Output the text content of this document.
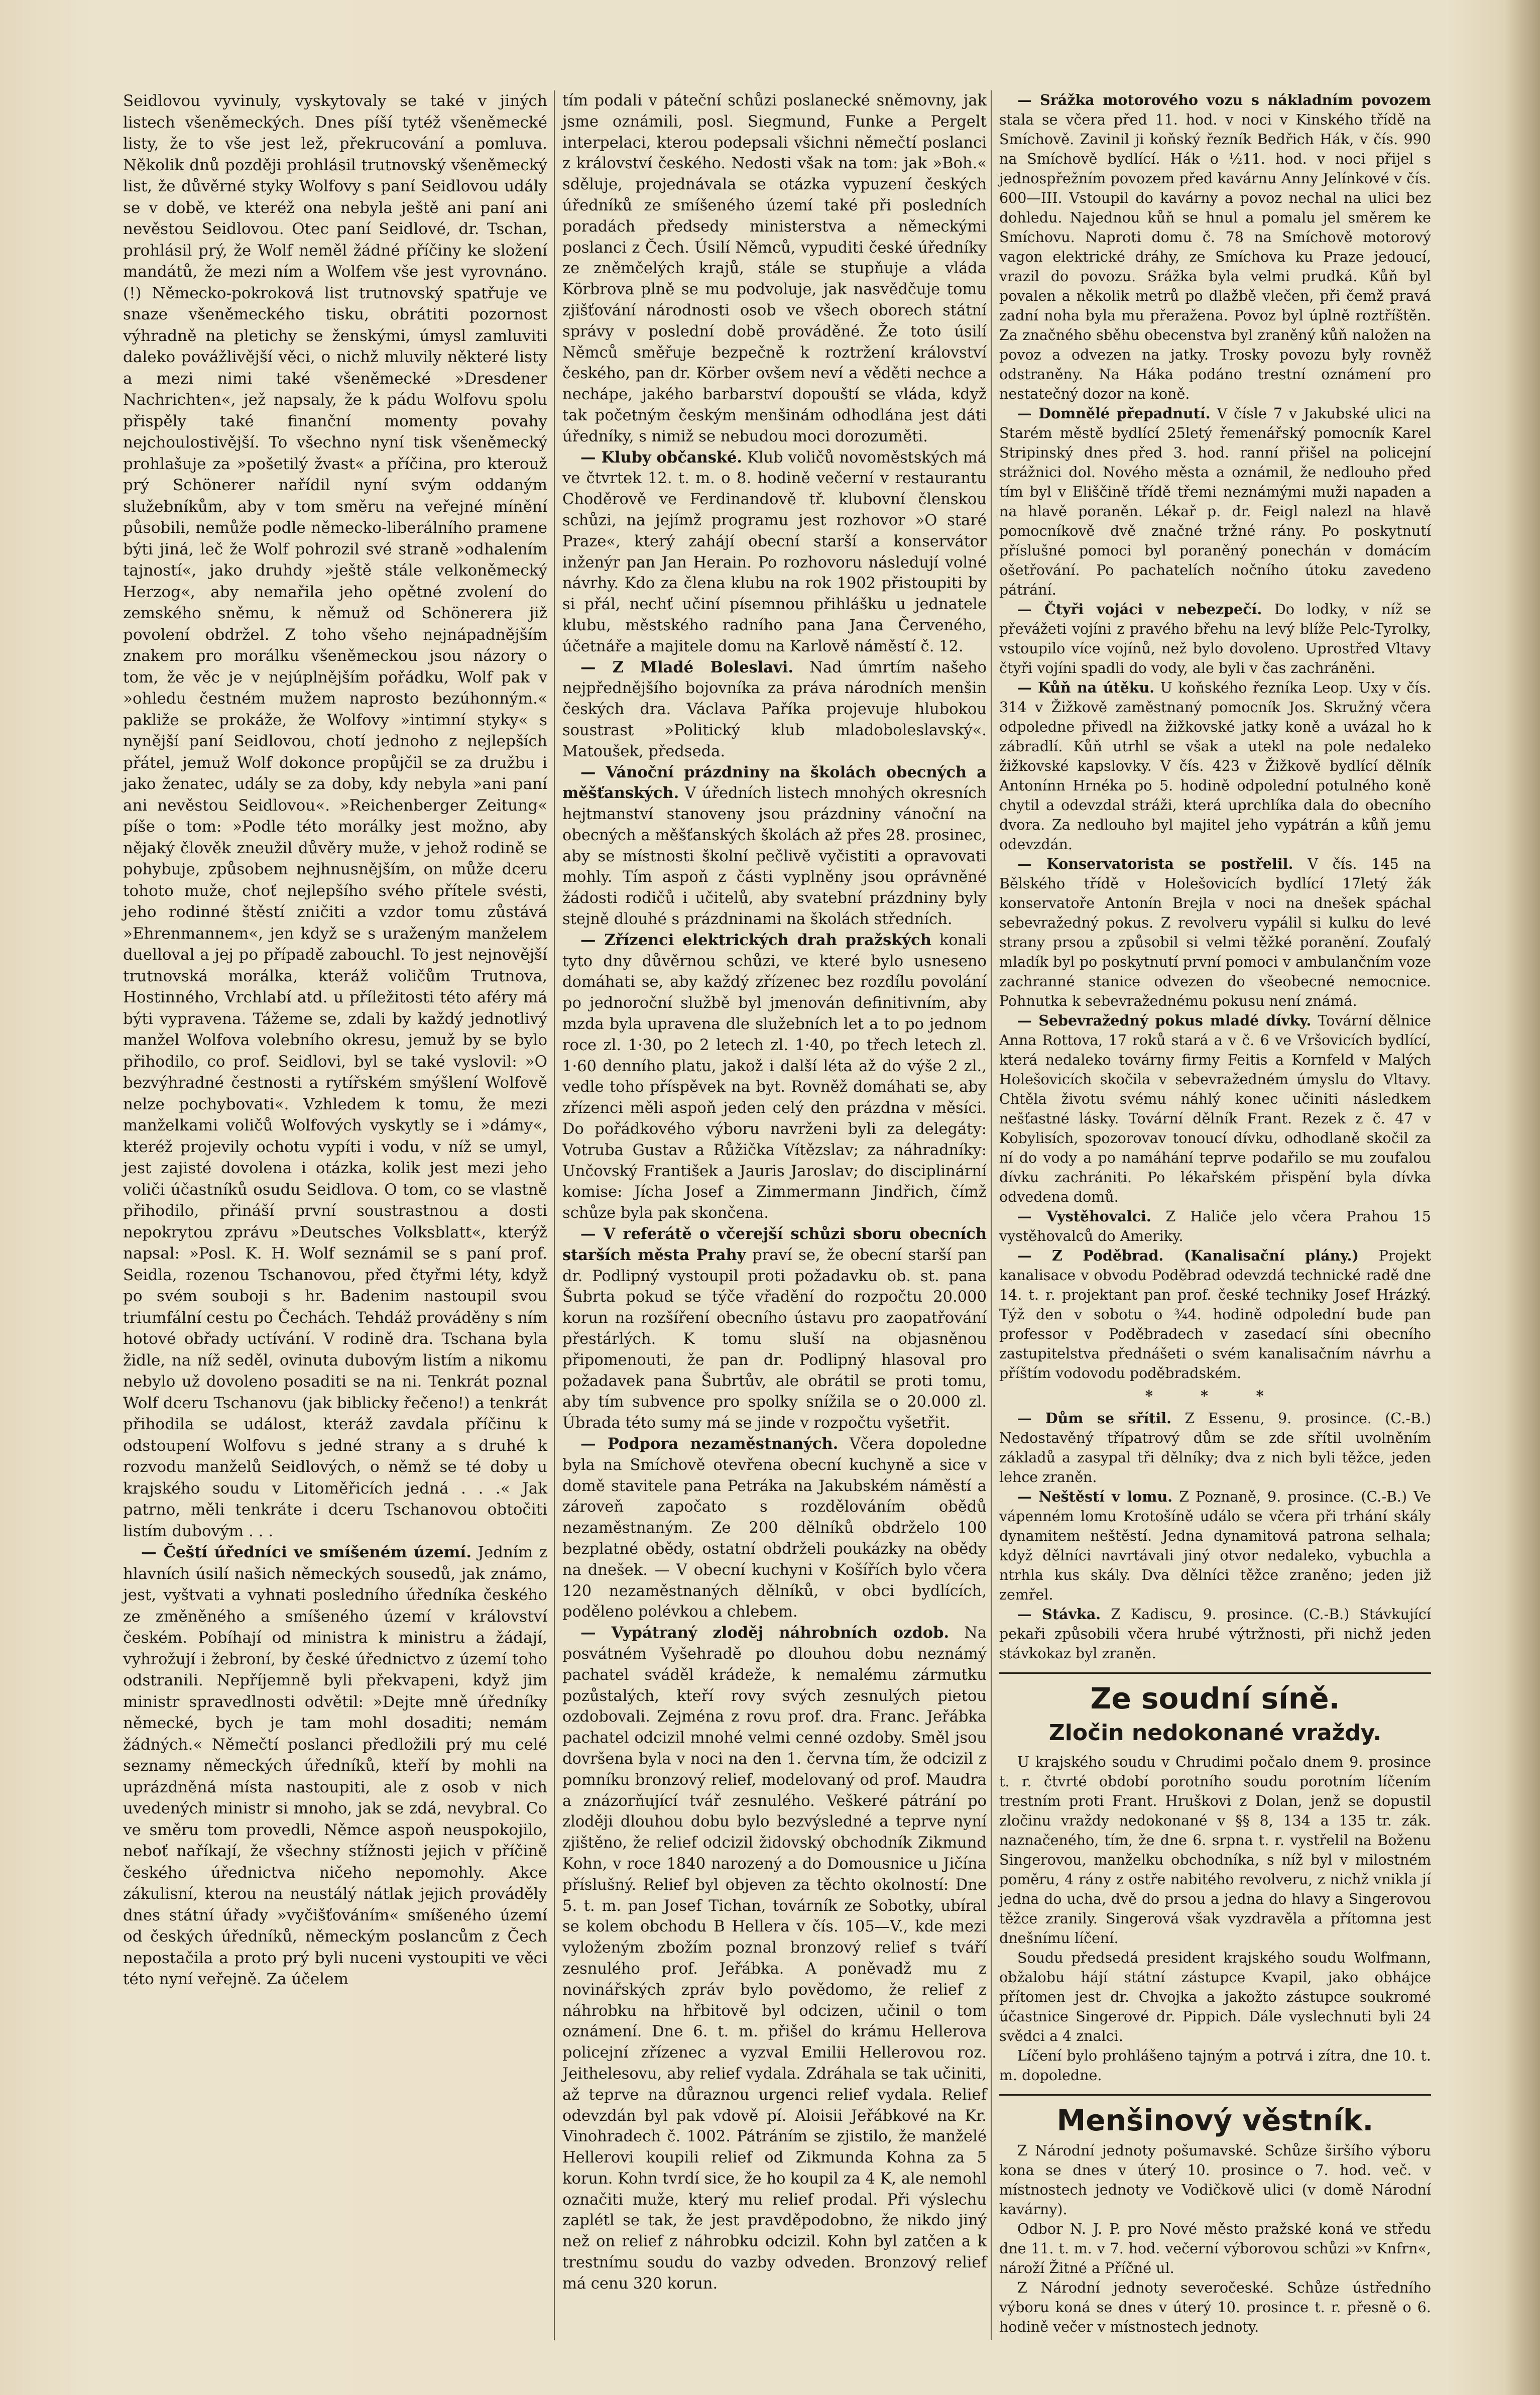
Seidlovou vyvinuly, vyskytovaly se také v jiných listech všeněmeckých. Dnes píší tytéž všeněmecké listy, že to vše jest lež, překrucování a pomluva. Několik dnů později prohlásil trutnovský všeněmecký list, že důvěrné styky Wolfovy s paní Seidlovou udály se v době, ve kteréž ona nebyla ještě ani paní ani nevěstou Seidlovou. Otec paní Seidlové, dr. Tschan, prohlásil prý, že Wolf neměl žádné příčiny ke složení mandátů, že mezi ním a Wolfem vše jest vyrovnáno. (!) Německo-pokroková list trutnovský spatřuje ve snaze všeněmeckého tisku, obrátiti pozornost výhradně na pletichy se ženskými, úmysl zamluviti daleko povážlivější věci, o nichž mluvily některé listy a mezi nimi také všeněmecké »Dresdener Nachrichten«, jež napsaly, že k pádu Wolfovu spolu přispěly také finanční momenty povahy nejchoulostivější. To všechno nyní tisk všeněmecký prohlašuje za »pošetilý žvast« a příčina, pro kterouž prý Schönerer nařídil nyní svým oddaným služebníkům, aby v tom směru na veřejné mínění působili, nemůže podle německo-liberálního pramene býti jiná, leč že Wolf pohrozil své straně »odhalením tajností«, jako druhdy »ještě stále velkoněmecký Herzog«, aby nemařila jeho opětné zvolení do zemského sněmu, k němuž od Schönerera již povolení obdržel. Z toho všeho nejnápadnějším znakem pro morálku všeněmeckou jsou názory o tom, že věc je v nejúplnějším pořádku, Wolf pak v »ohledu čestném mužem naprosto bezúhonným.« pakliže se prokáže, že Wolfovy »intimní styky« s nynější paní Seidlovou, chotí jednoho z nejlepších přátel, jemuž Wolf dokonce propůjčil se za družbu i jako ženatec, udály se za doby, kdy nebyla »ani paní ani nevěstou Seidlovou«. »Reichenberger Zeitung« píše o tom: »Podle této morálky jest možno, aby nějaký člověk zneužil důvěry muže, v jehož rodině se pohybuje, způsobem nejhnusnějším, on může dceru tohoto muže, choť nejlepšího svého přítele svésti, jeho rodinné štěstí zničiti a vzdor tomu zůstává »Ehrenmannem«, jen když se s uraženým manželem duelloval a jej po případě zabouchl. To jest nejnovější trutnovská morálka, kteráž voličům Trutnova, Hostinného, Vrchlabí atd. u příležitosti této aféry má býti vypravena. Tážeme se, zdali by každý jednotlivý manžel Wolfova volebního okresu, jemuž by se bylo přihodilo, co prof. Seidlovi, byl se také vyslovil: »O bezvýhradné čestnosti a rytířském smýšlení Wolfově nelze pochybovati«. Vzhledem k tomu, že mezi manželkami voličů Wolfových vyskytly se i »dámy«, kteréž projevily ochotu vypíti i vodu, v níž se umyl, jest zajisté dovolena i otázka, kolik jest mezi jeho voliči účastníků osudu Seidlova. O tom, co se vlastně přihodilo, přináší první soustrastnou a dosti nepokrytou zprávu »Deutsches Volksblatt«, kterýž napsal: »Posl. K. H. Wolf seznámil se s paní prof. Seidla, rozenou Tschanovou, před čtyřmi léty, když po svém souboji s hr. Badenim nastoupil svou triumfální cestu po Čechách. Tehdáž prováděny s ním hotové obřady uctívání. V rodině dra. Tschana byla židle, na níž seděl, ovinuta dubovým listím a nikomu nebylo už dovoleno posaditi se na ni. Tenkrát poznal Wolf dceru Tschanovu (jak biblicky řečeno!) a tenkrát přihodila se událost, kteráž zavdala příčinu k odstoupení Wolfovu s jedné strany a s druhé k rozvodu manželů Seidlových, o němž se té doby u krajského soudu v Litoměřicích jedná . . .« Jak patrno, měli tenkráte i dceru Tschanovou obtočiti listím dubovým . . .

— Čeští úředníci ve smíšeném území. Jedním z hlavních úsilí našich německých sousedů, jak známo, jest, vyštvati a vyhnati posledního úředníka českého ze změněného a smíšeného území v království českém. Pobíhají od ministra k ministru a žádají, vyhrožují i žebroní, by české úřednictvo z území toho odstranili. Nepříjemně byli překvapeni, když jim ministr spravedlnosti odvětil: »Dejte mně úředníky německé, bych je tam mohl dosaditi; nemám žádných.« Němečtí poslanci předložili prý mu celé seznamy německých úředníků, kteří by mohli na uprázdněná místa nastoupiti, ale z osob v nich uvedených ministr si mnoho, jak se zdá, nevybral. Co ve směru tom provedli, Němce aspoň neuspokojilo, neboť naříkají, že všechny stížnosti jejich v příčině českého úřednictva ničeho nepomohly. Akce zákulisní, kterou na neustálý nátlak jejich prováděly dnes státní úřady »vyčišťováním« smíšeného území od českých úředníků, německým poslancům z Čech nepostačila a proto prý byli nuceni vystoupiti ve věci této nyní veřejně. Za účelem

tím podali v páteční schůzi poslanecké sněmovny, jak jsme oznámili, posl. Siegmund, Funke a Pergelt interpelaci, kterou podepsali všichni němečtí poslanci z království českého. Nedosti však na tom: jak »Boh.« sděluje, projednávala se otázka vypuzení českých úředníků ze smíšeného území také při posledních poradách předsedy ministerstva a německými poslanci z Čech. Úsilí Němců, vypuditi české úředníky ze zněmčelých krajů, stále se stupňuje a vláda Körbrova plně se mu podvoluje, jak nasvědčuje tomu zjišťování národnosti osob ve všech oborech státní správy v poslední době prováděné. Že toto úsilí Němců směřuje bezpečně k roztržení království českého, pan dr. Körber ovšem neví a věděti nechce a nechápe, jakého barbarství dopouští se vláda, když tak početným českým menšinám odhodlána jest dáti úředníky, s nimiž se nebudou moci dorozuměti.

— Kluby občanské. Klub voličů novoměstských má ve čtvrtek 12. t. m. o 8. hodině večerní v restaurantu Choděrově ve Ferdinandově tř. klubovní členskou schůzi, na jejímž programu jest rozhovor »O staré Praze«, který zahájí obecní starší a konservátor inženýr pan Jan Herain. Po rozhovoru následují volné návrhy. Kdo za člena klubu na rok 1902 přistoupiti by si přál, nechť učiní písemnou přihlášku u jednatele klubu, městského radního pana Jana Červeného, účetnáře a majitele domu na Karlově náměstí č. 12.

— Z Mladé Boleslavi. Nad úmrtím našeho nejpřednějšího bojovníka za práva národních menšin českých dra. Václava Paříka projevuje hlubokou soustrast »Politický klub mladoboleslavský«. Matoušek, předseda.

— Vánoční prázdniny na školách obecných a měšťanských. V úředních listech mnohých okresních hejtmanství stanoveny jsou prázdniny vánoční na obecných a měšťanských školách až přes 28. prosinec, aby se místnosti školní pečlivě vyčistiti a opravovati mohly. Tím aspoň z části vyplněny jsou oprávněné žádosti rodičů i učitelů, aby svatební prázdniny byly stejně dlouhé s prázdninami na školách středních.

— Zřízenci elektrických drah pražských konali tyto dny důvěrnou schůzi, ve které bylo usneseno domáhati se, aby každý zřízenec bez rozdílu povolání po jednoroční službě byl jmenován definitivním, aby mzda byla upravena dle služebních let a to po jednom roce zl. 1·30, po 2 letech zl. 1·40, po třech letech zl. 1·60 denního platu, jakož i další léta až do výše 2 zl., vedle toho příspěvek na byt. Rovněž domáhati se, aby zřízenci měli aspoň jeden celý den prázdna v měsíci. Do pořádkového výboru navrženi byli za delegáty: Votruba Gustav a Růžička Vítězslav; za náhradníky: Unčovský František a Jauris Jaroslav; do disciplinární komise: Jícha Josef a Zimmermann Jindřich, čímž schůze byla pak skončena.

— V referátě o včerejší schůzi sboru obecních starších města Prahy praví se, že obecní starší pan dr. Podlipný vystoupil proti požadavku ob. st. pana Šubrta pokud se týče vřadění do rozpočtu 20.000 korun na rozšíření obecního ústavu pro zaopatřování přestárlých. K tomu sluší na objasněnou připomenouti, že pan dr. Podlipný hlasoval pro požadavek pana Šubrtův, ale obrátil se proti tomu, aby tím subvence pro spolky snížila se o 20.000 zl. Úbrada této sumy má se jinde v rozpočtu vyšetřit.

— Podpora nezaměstnaných. Včera dopoledne byla na Smíchově otevřena obecní kuchyně a sice v domě stavitele pana Petráka na Jakubském náměstí a zároveň započato s rozdělováním obědů nezaměstnaným. Ze 200 dělníků obdrželo 100 bezplatné obědy, ostatní obdrželi poukázky na obědy na dnešek. — V obecní kuchyni v Košířích bylo včera 120 nezaměstnaných dělníků, v obci bydlících, poděleno polévkou a chlebem.

— Vypátraný zloděj náhrobních ozdob. Na posvátném Vyšehradě po dlouhou dobu neznámý pachatel sváděl krádeže, k nemalému zármutku pozůstalých, kteří rovy svých zesnulých pietou ozdobovali. Zejména z rovu prof. dra. Franc. Jeřábka pachatel odcizil mnohé velmi cenné ozdoby. Směl jsou dovršena byla v noci na den 1. června tím, že odcizil z pomníku bronzový relief, modelovaný od prof. Maudra a znázorňující tvář zesnulého. Veškeré pátrání po zloději dlouhou dobu bylo bezvýsledné a teprve nyní zjištěno, že relief odcizil židovský obchodník Zikmund Kohn, v roce 1840 narozený a do Domousnice u Jičína příslušný. Relief byl objeven za těchto okolností: Dne 5. t. m. pan Josef Tichan, továrník ze Sobotky, ubíral se kolem obchodu B Hellera v čís. 105—V., kde mezi vyloženým zbožím poznal bronzový relief s tváří zesnulého prof. Jeřábka. A poněvadž mu z novinářských zpráv bylo povědomo, že relief z náhrobku na hřbitově byl odcizen, učinil o tom oznámení. Dne 6. t. m. přišel do krámu Hellerova policejní zřízenec a vyzval Emilii Hellerovou roz. Jeithelesovu, aby relief vydala. Zdráhala se tak učiniti, až teprve na důraznou urgenci relief vydala. Relief odevzdán byl pak vdově pí. Aloisii Jeřábkové na Kr. Vinohradech č. 1002. Pátráním se zjistilo, že manželé Hellerovi koupili relief od Zikmunda Kohna za 5 korun. Kohn tvrdí sice, že ho koupil za 4 K, ale nemohl označiti muže, který mu relief prodal. Při výslechu zaplétl se tak, že jest pravděpodobno, že nikdo jiný než on relief z náhrobku odcizil. Kohn byl zatčen a k trestnímu soudu do vazby odveden. Bronzový relief má cenu 320 korun.

— Srážka motorového vozu s nákladním povozem stala se včera před 11. hod. v noci v Kinského třídě na Smíchově. Zavinil ji koňský řezník Bedřich Hák, v čís. 990 na Smíchově bydlící. Hák o ½11. hod. v noci přijel s jednospřežním povozem před kavárnu Anny Jelínkové v čís. 600—III. Vstoupil do kavárny a povoz nechal na ulici bez dohledu. Najednou kůň se hnul a pomalu jel směrem ke Smíchovu. Naproti domu č. 78 na Smíchově motorový vagon elektrické dráhy, ze Smíchova ku Praze jedoucí, vrazil do povozu. Srážka byla velmi prudká. Kůň byl povalen a několik metrů po dlažbě vlečen, při čemž pravá zadní noha byla mu přeražena. Povoz byl úplně roztříštěn. Za značného sběhu obecenstva byl zraněný kůň naložen na povoz a odvezen na jatky. Trosky povozu byly rovněž odstraněny. Na Háka podáno trestní oznámení pro nestatečný dozor na koně.

— Domnělé přepadnutí. V čísle 7 v Jakubské ulici na Starém městě bydlící 25letý řemenářský pomocník Karel Stripinský dnes před 3. hod. ranní přišel na policejní strážnici dol. Nového města a oznámil, že nedlouho před tím byl v Eliščině třídě třemi neznámými muži napaden a na hlavě poraněn. Lékař p. dr. Feigl nalezl na hlavě pomocníkově dvě značné tržné rány. Po poskytnutí příslušné pomoci byl poraněný ponechán v domácím ošetřování. Po pachatelích nočního útoku zavedeno pátrání.

— Čtyři vojáci v nebezpečí. Do lodky, v níž se převážeti vojíni z pravého břehu na levý blíže Pelc-Tyrolky, vstoupilo více vojínů, než bylo dovoleno. Uprostřed Vltavy čtyři vojíni spadli do vody, ale byli v čas zachráněni.

— Kůň na útěku. U koňského řezníka Leop. Uxy v čís. 314 v Žižkově zaměstnaný pomocník Jos. Skružný včera odpoledne přivedl na žižkovské jatky koně a uvázal ho k zábradlí. Kůň utrhl se však a utekl na pole nedaleko žižkovské kapslovky. V čís. 423 v Žižkově bydlící dělník Antonínn Hrnéka po 5. hodině odpolední potulného koně chytil a odevzdal stráži, která uprchlíka dala do obecního dvora. Za nedlouho byl majitel jeho vypátrán a kůň jemu odevzdán.

— Konservatorista se postřelil. V čís. 145 na Bělského třídě v Holešovicích bydlící 17letý žák konservatoře Antonín Brejla v noci na dnešek spáchal sebevražedný pokus. Z revolveru vypálil si kulku do levé strany prsou a způsobil si velmi těžké poranění. Zoufalý mladík byl po poskytnutí první pomoci v ambulančním voze zachranné stanice odvezen do všeobecné nemocnice. Pohnutka k sebevražednému pokusu není známá.

— Sebevražedný pokus mladé dívky. Tovární dělnice Anna Rottova, 17 roků stará a v č. 6 ve Vršovicích bydlící, která nedaleko továrny firmy Feitis a Kornfeld v Malých Holešovicích skočila v sebevražedném úmyslu do Vltavy. Chtěla životu svému náhlý konec učiniti následkem nešťastné lásky. Tovární dělník Frant. Rezek z č. 47 v Kobylisích, spozorovav tonoucí dívku, odhodlaně skočil za ní do vody a po namáhání teprve podařilo se mu zoufalou dívku zachrániti. Po lékařském přispění byla dívka odvedena domů.

— Vystěhovalci. Z Haliče jelo včera Prahou 15 vystěhovalců do Ameriky.

— Z Poděbrad. (Kanalisační plány.) Projekt kanalisace v obvodu Poděbrad odevzdá technické radě dne 14. t. r. projektant pan prof. české techniky Josef Hrázký. Týž den v sobotu o ¾4. hodině odpolední bude pan professor v Poděbradech v zasedací síni obecního zastupitelstva přednášeti o svém kanalisačním návrhu a příštím vodovodu poděbradském.

* * *

— Dům se sřítil. Z Essenu, 9. prosince. (C.-B.) Nedostavěný třípatrový dům se zde sřítil uvolněním základů a zasypal tři dělníky; dva z nich byli těžce, jeden lehce zraněn.

— Neštěstí v lomu. Z Poznaně, 9. prosince. (C.-B.) Ve vápenném lomu Krotošíně událo se včera při trhání skály dynamitem neštěstí. Jedna dynamitová patrona selhala; když dělníci navrtávali jiný otvor nedaleko, vybuchla a ntrhla kus skály. Dva dělníci těžce zraněno; jeden již zemřel.

— Stávka. Z Kadiscu, 9. prosince. (C.-B.) Stávkující pekaři způsobili včera hrubé výtržnosti, při nichž jeden stávkokaz byl zraněn.

Ze soudní síně.
Zločin nedokonané vraždy.

U krajského soudu v Chrudimi počalo dnem 9. prosince t. r. čtvrté období porotního soudu porotním líčením trestním proti Frant. Hruškovi z Dolan, jenž se dopustil zločinu vraždy nedokonané v §§ 8, 134 a 135 tr. zák. naznačeného, tím, že dne 6. srpna t. r. vystřelil na Boženu Singerovou, manželku obchodníka, s níž byl v milostném poměru, 4 rány z ostře nabitého revolveru, z nichž vnikla jí jedna do ucha, dvě do prsou a jedna do hlavy a Singerovou těžce zranily. Singerová však vyzdravěla a přítomna jest dnešnímu líčení.

Soudu předsedá president krajského soudu Wolfmann, obžalobu hájí státní zástupce Kvapil, jako obhájce přítomen jest dr. Chvojka a jakožto zástupce soukromé účastnice Singerové dr. Pippich. Dále vyslechnuti byli 24 svědci a 4 znalci.

Líčení bylo prohlášeno tajným a potrvá i zítra, dne 10. t. m. dopoledne.

Menšinový věstník.

Z Národní jednoty pošumavské. Schůze širšího výboru kona se dnes v úterý 10. prosince o 7. hod. več. v místnostech jednoty ve Vodičkově ulici (v domě Národní kavárny).

Odbor N. J. P. pro Nové město pražské koná ve středu dne 11. t. m. v 7. hod. večerní výborovou schůzi »v Knfrn«, nároží Žitné a Příčné ul.

Z Národní jednoty severočeské. Schůze ústředního výboru koná se dnes v úterý 10. prosince t. r. přesně o 6. hodině večer v místnostech jednoty.
